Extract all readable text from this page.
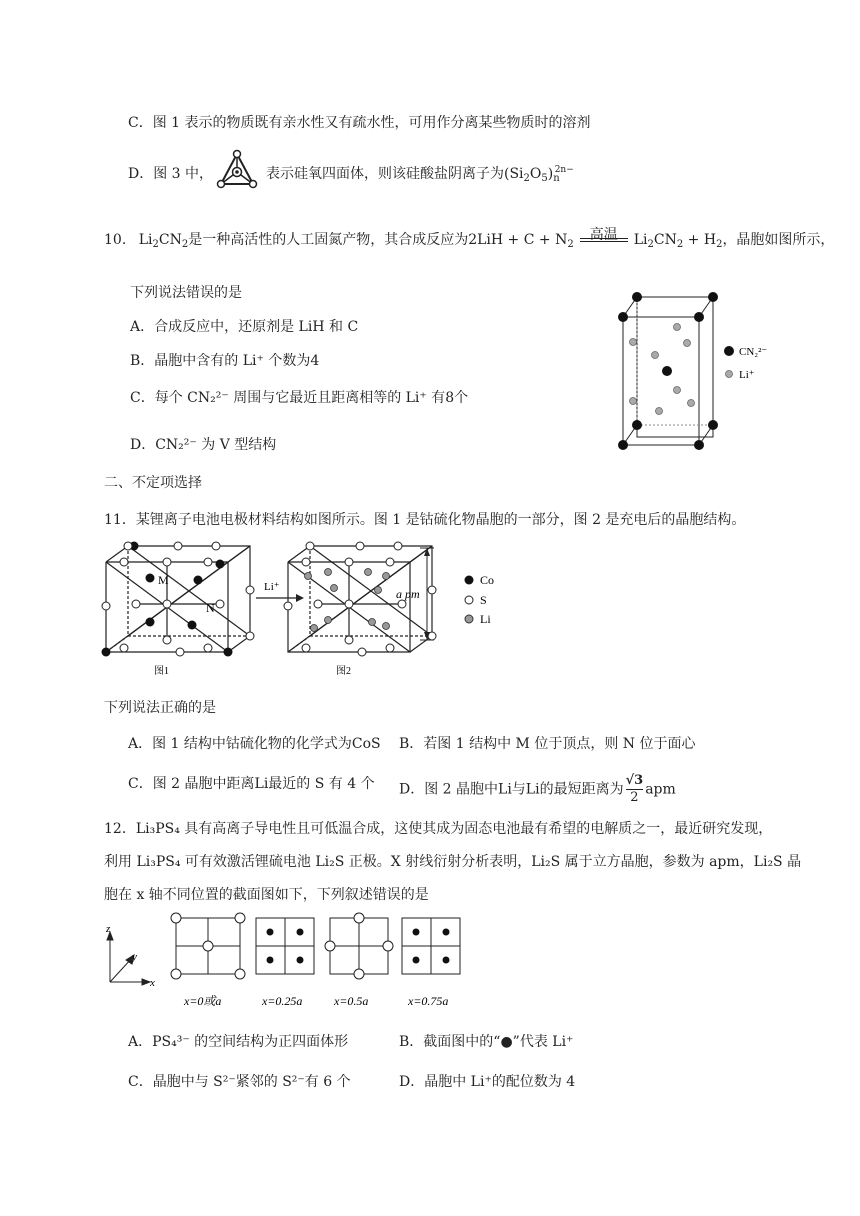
C．图 1 表示的物质既有亲水性又有疏水性，可用作分离某些物质时的溶剂
D．图 3 中，	表示硅氧四面体，则该硅酸盐阴离子为$(Si_2O_5)_n^{2n-}$
10. $Li_2CN_2$是一种高活性的人工固氮产物，其合成反应为$2LiH + C + N_2$
高温	$Li_2CN_2 + H_2$，晶胞如图所示，
下列说法错误的是
A．合成反应中，还原剂是 LiH 和 C
B．晶胞中含有的 Li⁺ 个数为4
C．每个 CN₂²⁻ 周围与它最近且距离相等的 Li⁺ 有8个
D．CN₂²⁻ 为 V 型结构
CN₂²⁻
Li⁺
二、不定项选择
11．某锂离子电池电极材料结构如图所示。图 1 是钴硫化物晶胞的一部分，图 2 是充电后的晶胞结构。
M
N
图1
Li⁺
图2
a pm
Co
S
Li
下列说法正确的是
A．图 1 结构中钴硫化物的化学式为CoS B．若图 1 结构中 M 位于顶点，则 N 位于面心
C．图 2 晶胞中距离Li最近的 S 有 4 个 D．图 2 晶胞中Li与Li的最短距离为 $\frac{√3}{2}$ apm
12．Li₃PS₄ 具有高离子导电性且可低温合成，这使其成为固态电池最有希望的电解质之一，最近研究发现，
利用 Li₃PS₄ 可有效激活锂硫电池 Li₂S 正极。X 射线衍射分析表明，Li₂S 属于立方晶胞，参数为 apm，Li₂S 晶
胞在 x 轴不同位置的截面图如下，下列叙述错误的是
z
y
x
x=0或a	x=0.25a	x=0.5a	x=0.75a
A．PS₄³⁻ 的空间结构为正四面体形	B．截面图中的“●”代表 Li⁺
C．晶胞中与 S²⁻紧邻的 S²⁻有 6 个	D．晶胞中 Li⁺的配位数为 4
